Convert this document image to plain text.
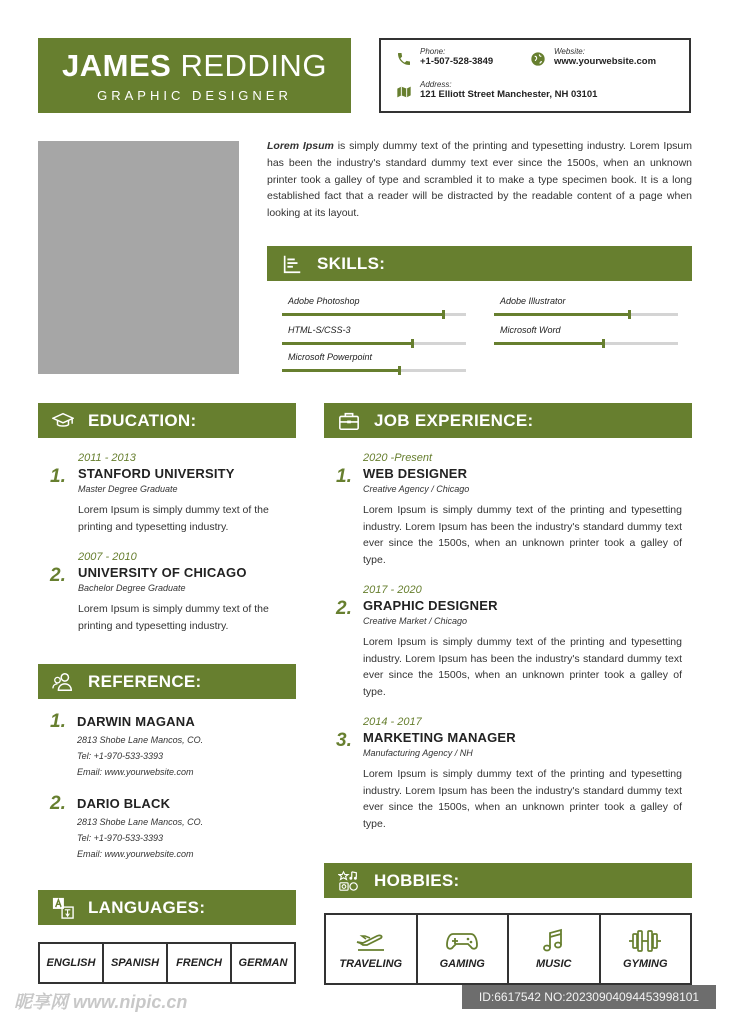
JAMES REDDING
GRAPHIC DESIGNER
Phone:
+1-507-528-3849
Website:
www.yourwebsite.com
Address:
121 Elliott Street Manchester, NH 03101
Lorem Ipsum is simply dummy text of the printing and typesetting industry. Lorem Ipsum has been the industry's standard dummy text ever since the 1500s, when an unknown printer took a galley of type and scrambled it to make a type specimen book. It is a long established fact that a reader will be distracted by the readable content of a page when looking at its layout.
SKILLS:
Adobe Photoshop	Adobe Illustrator
HTML-S/CSS-3	Microsoft Word
Microsoft Powerpoint
EDUCATION:
1.
2011 - 2013
STANFORD UNIVERSITY
Master Degree Graduate
Lorem Ipsum is simply dummy text of the printing and typesetting industry.
2.
2007 - 2010
UNIVERSITY OF CHICAGO
Bachelor Degree Graduate
Lorem Ipsum is simply dummy text of the printing and typesetting industry.
REFERENCE:
1. DARWIN MAGANA
2813 Shobe Lane Mancos, CO.
Tel: +1-970-533-3393
Email: www.yourwebsite.com
2. DARIO BLACK
2813 Shobe Lane Mancos, CO.
Tel: +1-970-533-3393
Email: www.yourwebsite.com
LANGUAGES:
ENGLISH	SPANISH	FRENCH	GERMAN
JOB EXPERIENCE:
1.
2020 -Present
WEB DESIGNER
Creative Agency / Chicago
Lorem Ipsum is simply dummy text of the printing and typesetting industry. Lorem Ipsum has been the industry's standard dummy text ever since the 1500s, when an unknown printer took a galley of type.
2.
2017 - 2020
GRAPHIC DESIGNER
Creative Market / Chicago
Lorem Ipsum is simply dummy text of the printing and typesetting industry. Lorem Ipsum has been the industry's standard dummy text ever since the 1500s, when an unknown printer took a galley of type.
3.
2014 - 2017
MARKETING MANAGER
Manufacturing Agency / NH
Lorem Ipsum is simply dummy text of the printing and typesetting industry. Lorem Ipsum has been the industry's standard dummy text ever since the 1500s, when an unknown printer took a galley of type.
HOBBIES:
TRAVELING	GAMING	MUSIC	GYMING
昵享网 www.nipic.cn	ID:6617542 NO:20230904094453998101
